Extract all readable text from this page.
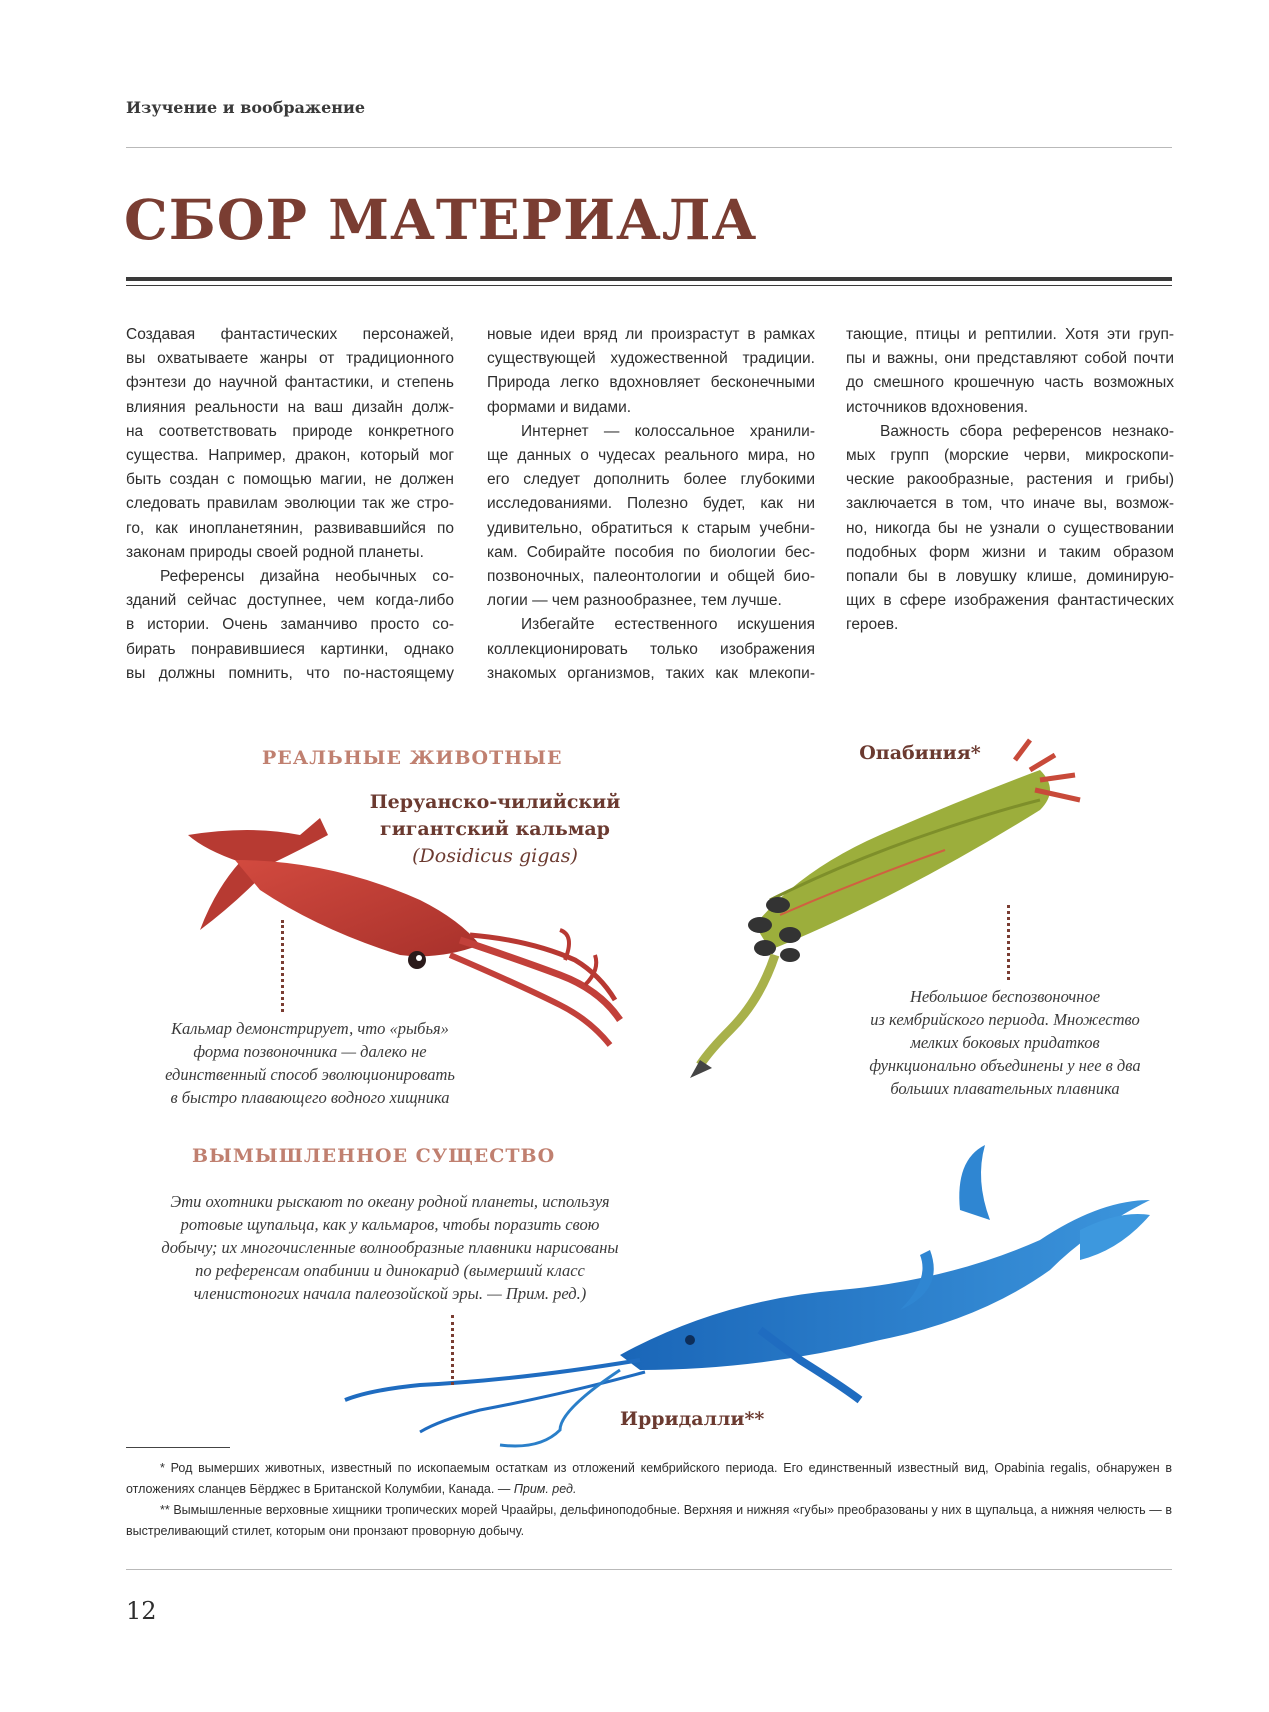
Изучение и воображение
СБОР МАТЕРИАЛА

Создавая фантастических персонажей,
вы охватываете жанры от традиционного
фэнтези до научной фантастики, и степень
влияния реальности на ваш дизайн долж-
на соответствовать природе конкретного
существа. Например, дракон, который мог
быть создан с помощью магии, не должен
следовать правилам эволюции так же стро-
го, как инопланетянин, развивавшийся по
законам природы своей родной планеты.

Референсы дизайна необычных со-
зданий сейчас доступнее, чем когда-либо
в истории. Очень заманчиво просто со-
бирать понравившиеся картинки, однако
вы должны помнить, что по-настоящему

новые идеи вряд ли произрастут в рамках
существующей художественной традиции.
Природа легко вдохновляет бесконечными
формами и видами.

Интернет — колоссальное хранили-
ще данных о чудесах реального мира, но
его следует дополнить более глубокими
исследованиями. Полезно будет, как ни
удивительно, обратиться к старым учебни-
кам. Собирайте пособия по биологии бес-
позвоночных, палеонтологии и общей био-
логии — чем разнообразнее, тем лучше.

Избегайте естественного искушения
коллекционировать только изображения
знакомых организмов, таких как млекопи-

тающие, птицы и рептилии. Хотя эти груп-
пы и важны, они представляют собой почти
до смешного крошечную часть возможных
источников вдохновения.

Важность сбора референсов незнако-
мых групп (морские черви, микроскопи-
ческие ракообразные, растения и грибы)
заключается в том, что иначе вы, возмож-
но, никогда бы не узнали о существовании
подобных форм жизни и таким образом
попали бы в ловушку клише, доминирую-
щих в сфере изображения фантастических
героев.

РЕАЛЬНЫЕ ЖИВОТНЫЕ
Перуанско-чилийский
гигантский кальмар
(Dosidicus gigas)
Кальмар демонстрирует, что «рыбья»
форма позвоночника — далеко не
единственный способ эволюционировать
в быстро плавающего водного хищника
Опабиния*
Небольшое беспозвоночное
из кембрийского периода. Множество
мелких боковых придатков
функционально объединены у нее в два
больших плавательных плавника
ВЫМЫШЛЕННОЕ СУЩЕСТВО
Эти охотники рыскают по океану родной планеты, используя
ротовые щупальца, как у кальмаров, чтобы поразить свою
добычу; их многочисленные волнообразные плавники нарисованы
по референсам опабинии и динокарид (вымерший класс
членистоногих начала палеозойской эры. — Прим. ред.)
Ирридалли**

* Род вымерших животных, известный по ископаемым остаткам из отложений кембрийского периода. Его единственный известный вид, Opabinia regalis, обнаружен в отложениях сланцев Бёрджес в Британской Колумбии, Канада. — Прим. ред.

** Вымышленные верховные хищники тропических морей Чраайры, дельфиноподобные. Верхняя и нижняя «губы» преобразованы у них в щупальца, а нижняя челюсть — в выстреливающий стилет, которым они пронзают проворную добычу.

12
